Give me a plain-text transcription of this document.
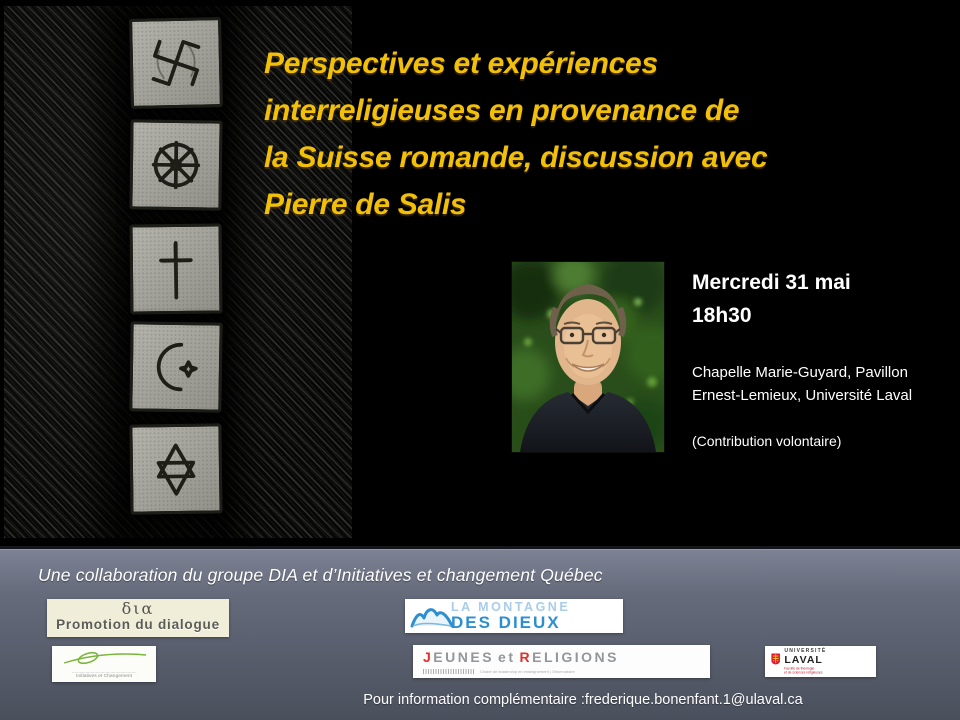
Perspectives et expériences
interreligieuses en provenance de
la Suisse romande, discussion avec
Pierre de Salis
Mercredi 31 mai
18h30
Chapelle Marie-Guyard, Pavillon
Ernest-Lemieux, Université Laval
(Contribution volontaire)
Une collaboration du groupe DIA et d’Initiatives et changement Québec
δια
Promotion du dialogue
Initiatives et Changement
LA MONTAGNE
DES DIEUX
JEUNES et RELIGIONS
Chaire de leadership en enseignement | Observatoire
UNIVERSITÉ
LAVAL
Faculté de théologie
et de sciences religieuses
Pour information complémentaire :frederique.bonenfant.1@ulaval.ca
